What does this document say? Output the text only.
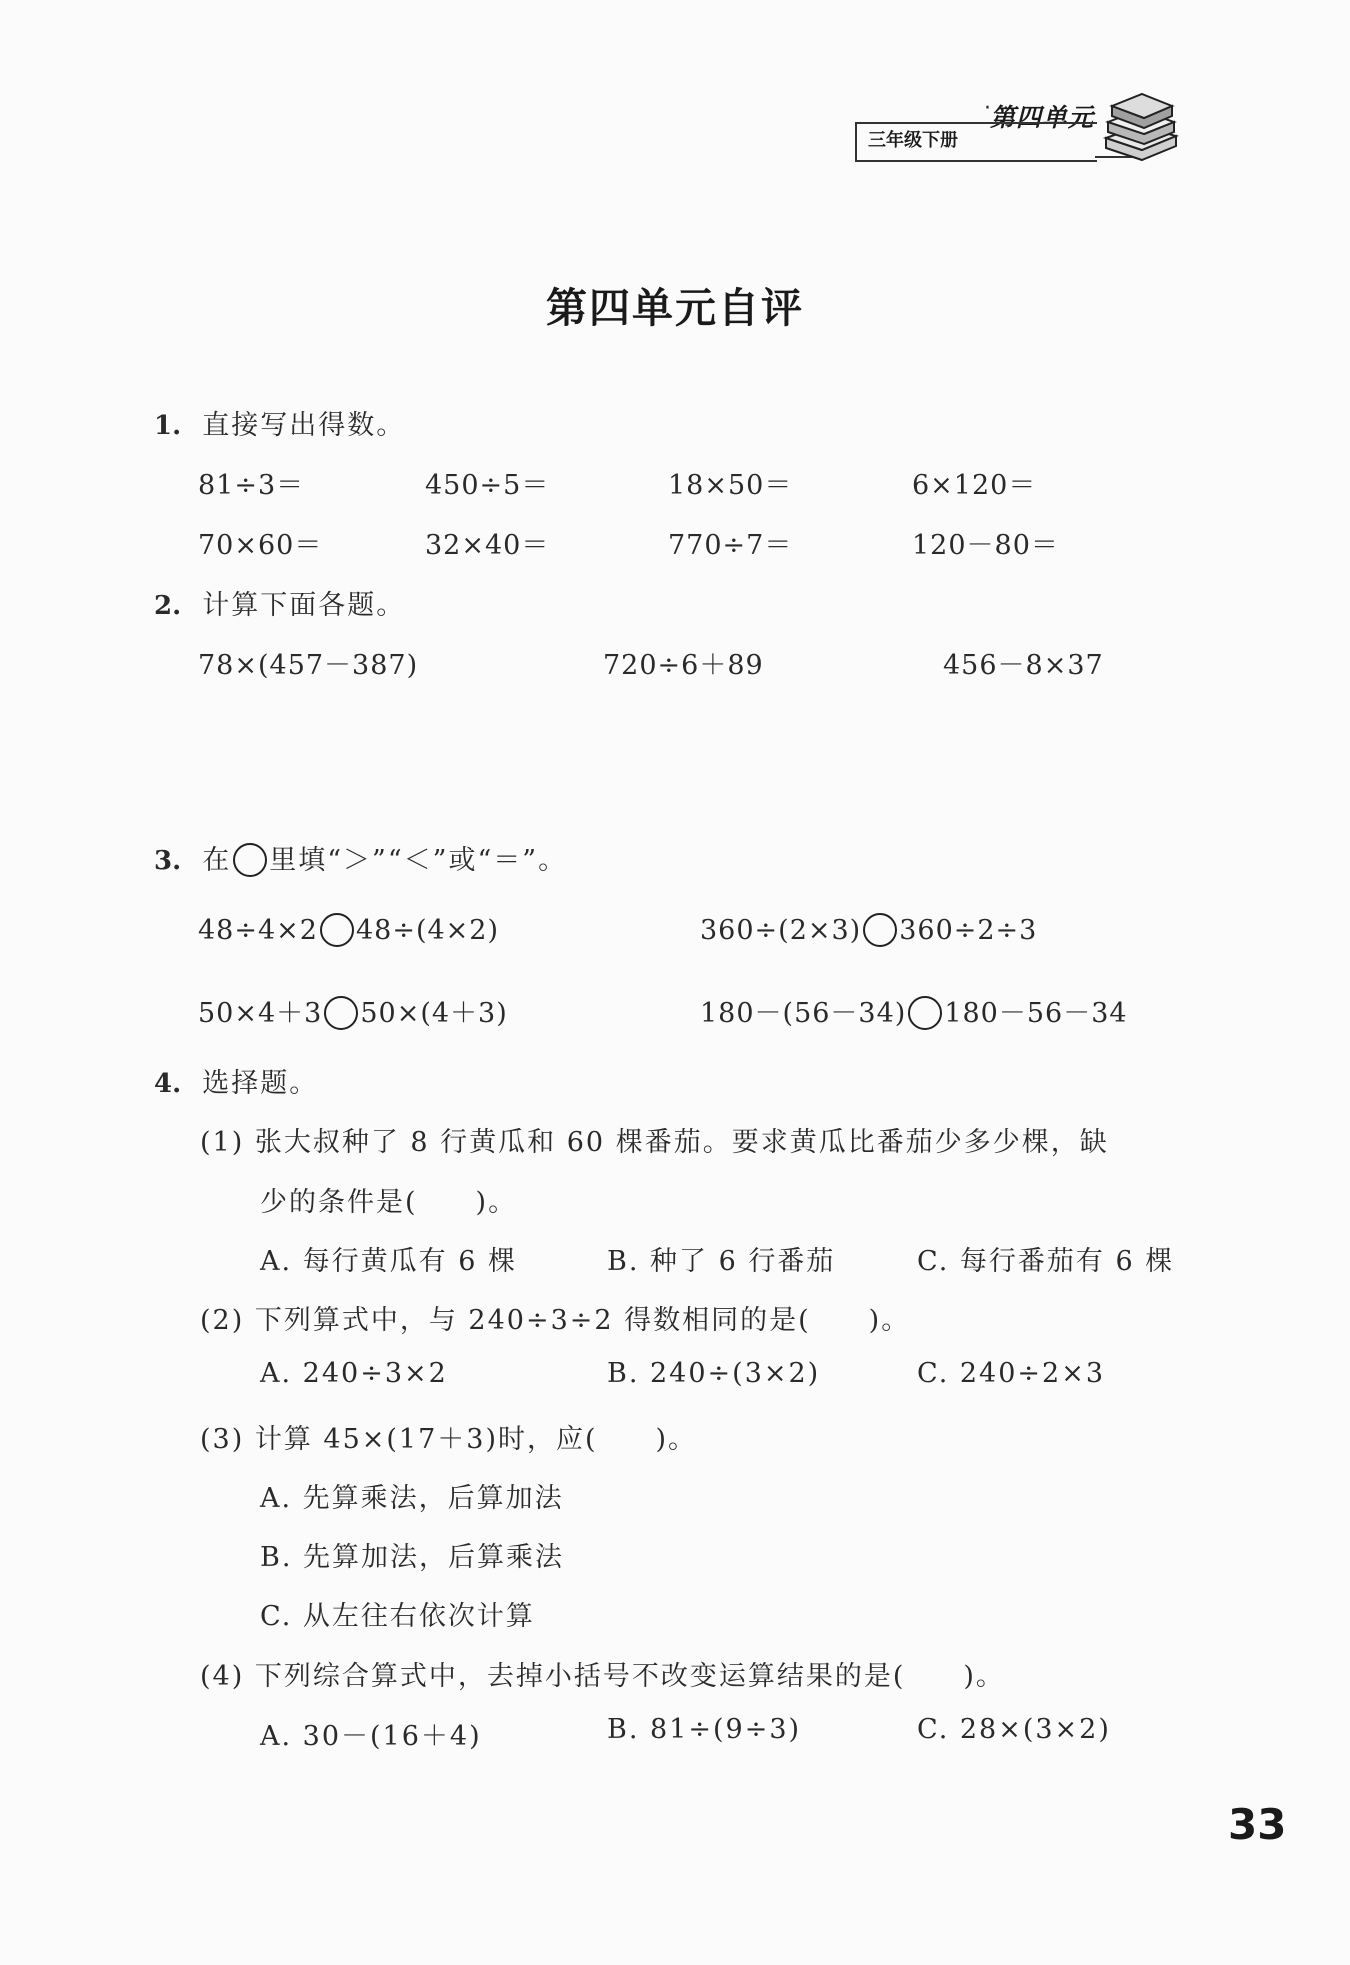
· 第四单元
三年级下册
第四单元自评
1. 直接写出得数。
81÷3＝	450÷5＝	18×50＝	6×120＝
70×60＝	32×40＝	770÷7＝	120－80＝
2. 计算下面各题。
78×(457－387)	720÷6＋89	456－8×37
3. 在 里填“＞”“＜”或“＝”。
48÷4×2 48÷(4×2)	360÷(2×3) 360÷2÷3
50×4＋3 50×(4＋3)	180－(56－34) 180－56－34
4. 选择题。
(1) 张大叔种了 8 行黄瓜和 60 棵番茄。要求黄瓜比番茄少多少棵，缺
少的条件是(　　)。
A. 每行黄瓜有 6 棵	B. 种了 6 行番茄	C. 每行番茄有 6 棵
(2) 下列算式中，与 240÷3÷2 得数相同的是(　　)。
A. 240÷3×2	B. 240÷(3×2)	C. 240÷2×3
(3) 计算 45×(17＋3)时，应(　　)。
A. 先算乘法，后算加法
B. 先算加法，后算乘法
C. 从左往右依次计算
(4) 下列综合算式中，去掉小括号不改变运算结果的是(　　)。
A. 30－(16＋4)	B. 81÷(9÷3)	C. 28×(3×2)
33
